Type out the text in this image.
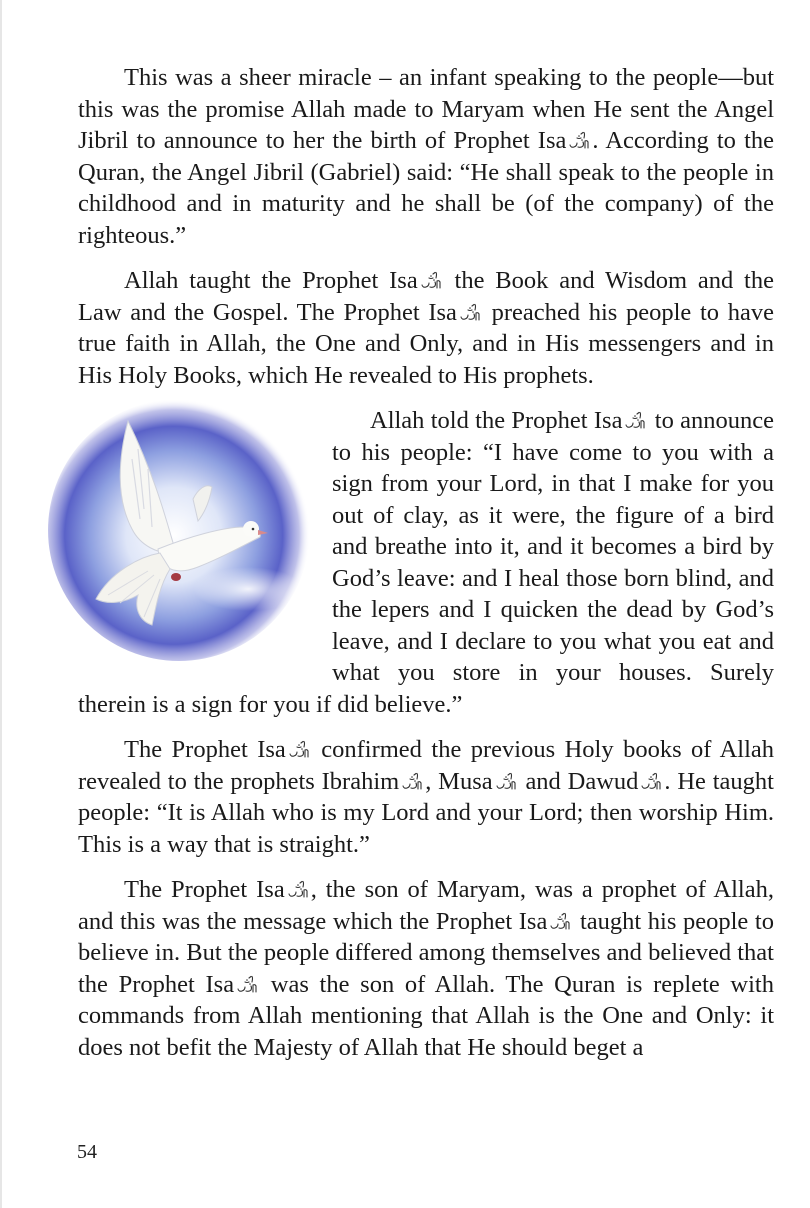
This was a sheer miracle – an infant speaking to the people—but this was the promise Allah made to Maryam when He sent the Angel Jibril to announce to her the birth of Prophet Isa . According to the Quran, the Angel Jibril (Gabriel) said: “He shall speak to the people in childhood and in maturity and he shall be (of the company) of the righteous.”

Allah taught the Prophet Isa the Book and Wisdom and the Law and the Gospel. The Prophet Isa preached his people to have true faith in Allah, the One and Only, and in His messengers and in His Holy Books, which He revealed to His prophets.

Allah told the Prophet Isa to announce to his people: “I have come to you with a sign from your Lord, in that I make for you out of clay, as it were, the figure of a bird and breathe into it, and it becomes a bird by God’s leave: and I heal those born blind, and the lepers and I quicken the dead by God’s leave, and I declare to you what you eat and what you store in your houses. Surely therein is a sign for you if did believe.”

The Prophet Isa confirmed the previous Holy books of Allah revealed to the prophets Ibrahim , Musa and Dawud . He taught people: “It is Allah who is my Lord and your Lord; then worship Him. This is a way that is straight.”

The Prophet Isa , the son of Maryam, was a prophet of Allah, and this was the message which the Prophet Isa taught his people to believe in. But the people differed among themselves and believed that the Prophet Isa was the son of Allah. The Quran is replete with commands from Allah mentioning that Allah is the One and Only: it does not befit the Majesty of Allah that He should beget a

54
